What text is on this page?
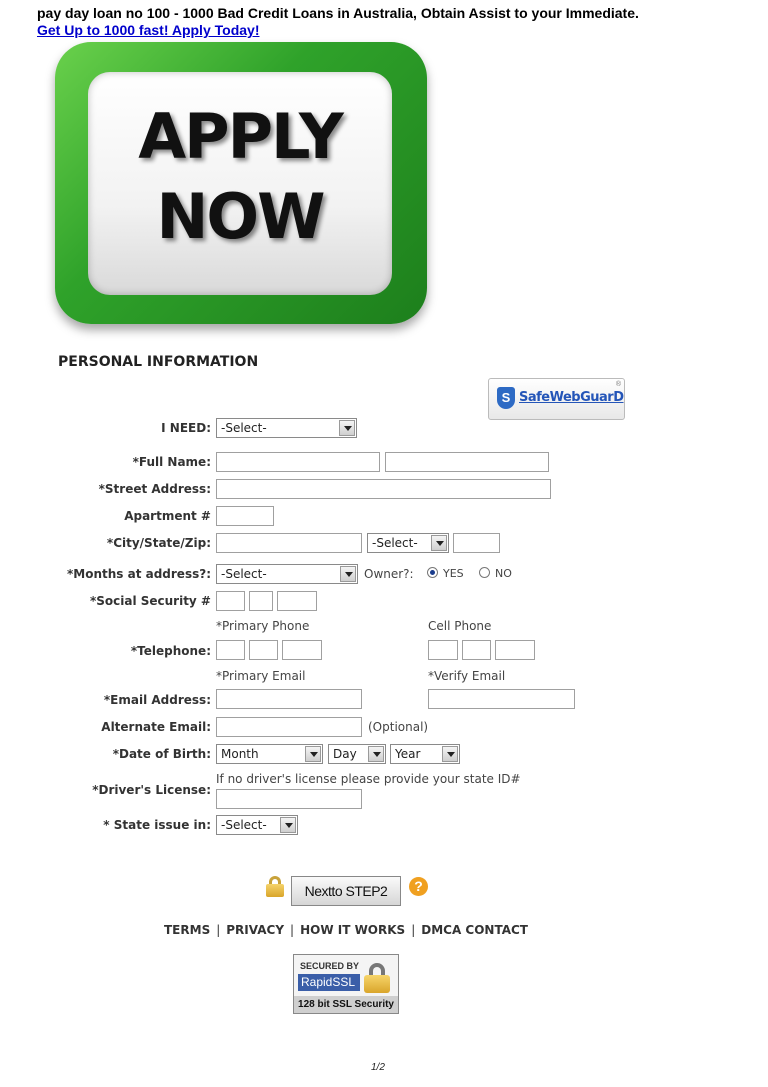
pay day loan no 100 - 1000 Bad Credit Loans in Australia, Obtain Assist to your Immediate.
Get Up to 1000 fast! Apply Today!
APPLY
NOW
PERSONAL INFORMATION
S SafeWebGuarD
®
I NEED: -Select-
*Full Name:
*Street Address:
Apartment #
*City/State/Zip:	-Select-
*Months at address?: -Select-	Owner?:	YES	NO
*Social Security #
*Primary Phone	Cell Phone
*Telephone:
*Primary Email	*Verify Email
*Email Address:
Alternate Email:	(Optional)
*Date of Birth: Month	Day	Year
If no driver's license please provide your state ID#
*Driver's License:
* State issue in: -Select-
Nextto STEP2	?
TERMS | PRIVACY | HOW IT WORKS | DMCA CONTACT
SECURED BY
RapidSSL
128 bit SSL Security
1/2
